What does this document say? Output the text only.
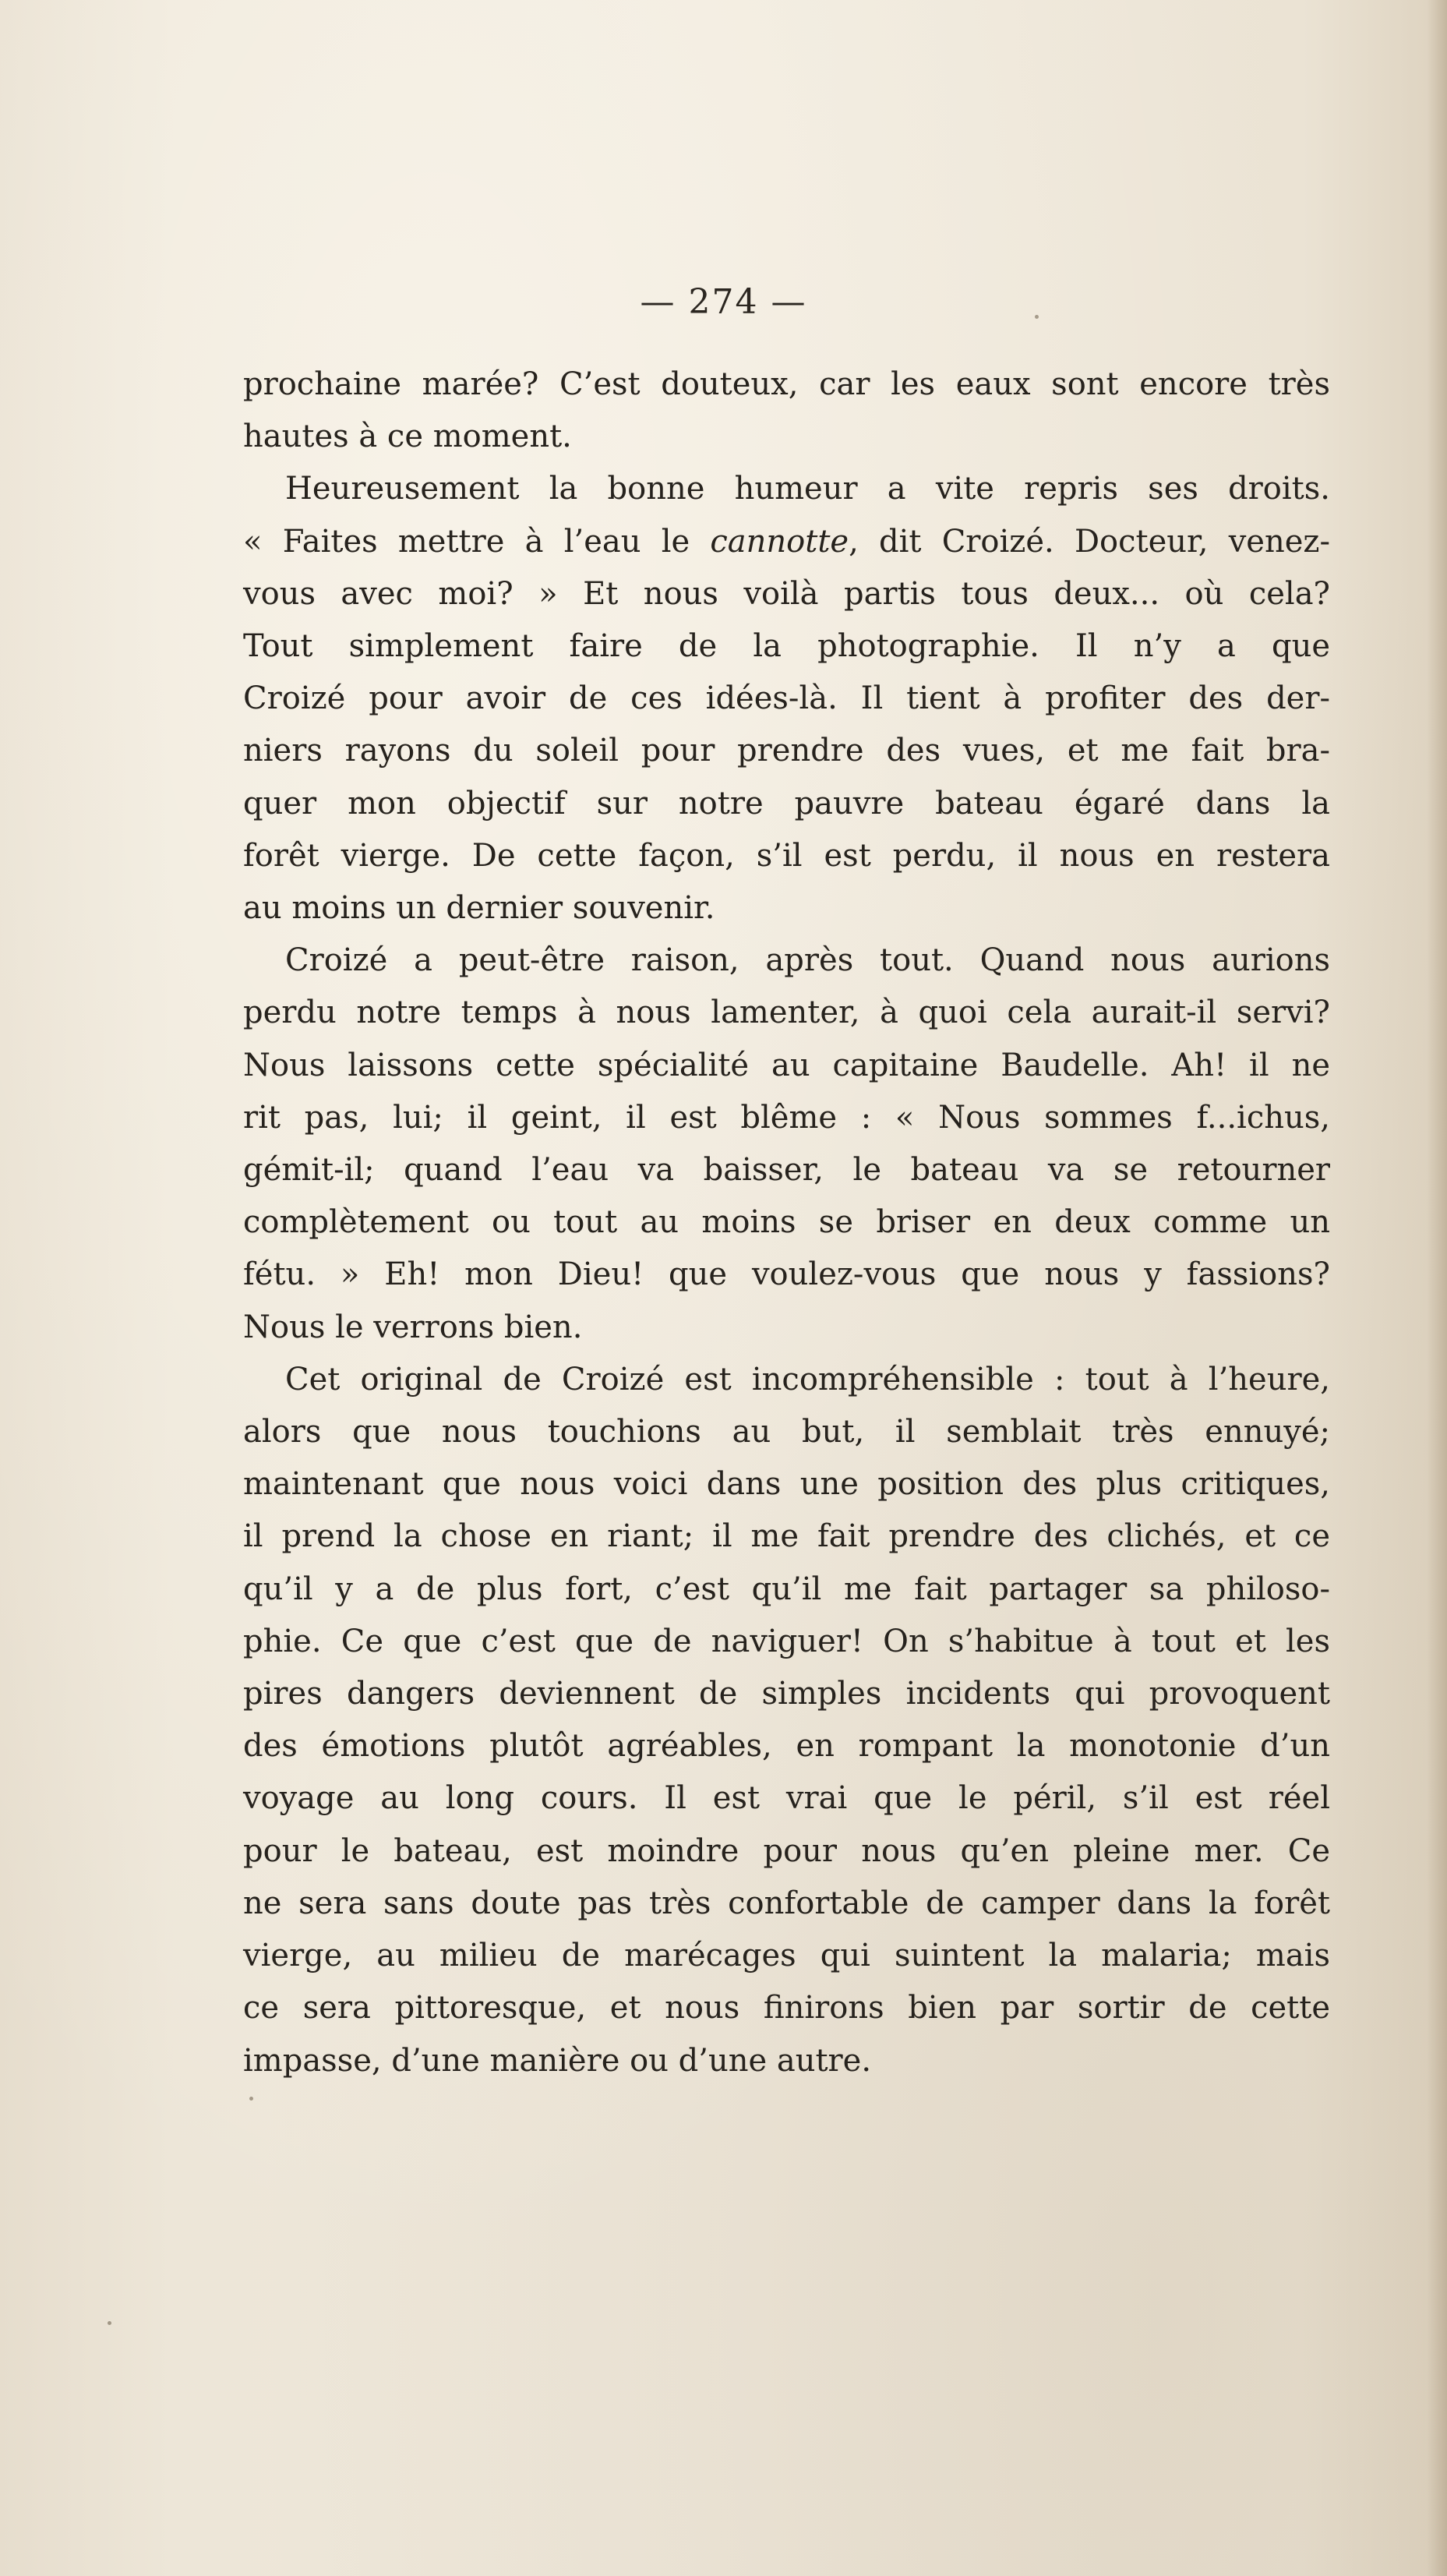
— 274 —

prochaine marée? C’est douteux, car les eaux sont encore très
hautes à ce moment.

Heureusement la bonne humeur a vite repris ses droits.
« Faites mettre à l’eau le cannotte, dit Croizé. Docteur, venez-
vous avec moi? » Et nous voilà partis tous deux... où cela?
Tout simplement faire de la photographie. Il n’y a que
Croizé pour avoir de ces idées-là. Il tient à profiter des der-
niers rayons du soleil pour prendre des vues, et me fait bra-
quer mon objectif sur notre pauvre bateau égaré dans la
forêt vierge. De cette façon, s’il est perdu, il nous en restera
au moins un dernier souvenir.

Croizé a peut-être raison, après tout. Quand nous aurions
perdu notre temps à nous lamenter, à quoi cela aurait-il servi?
Nous laissons cette spécialité au capitaine Baudelle. Ah! il ne
rit pas, lui; il geint, il est blême : « Nous sommes f...ichus,
gémit-il; quand l’eau va baisser, le bateau va se retourner
complètement ou tout au moins se briser en deux comme un
fétu. » Eh! mon Dieu! que voulez-vous que nous y fassions?
Nous le verrons bien.

Cet original de Croizé est incompréhensible : tout à l’heure,
alors que nous touchions au but, il semblait très ennuyé;
maintenant que nous voici dans une position des plus critiques,
il prend la chose en riant; il me fait prendre des clichés, et ce
qu’il y a de plus fort, c’est qu’il me fait partager sa philoso-
phie. Ce que c’est que de naviguer! On s’habitue à tout et les
pires dangers deviennent de simples incidents qui provoquent
des émotions plutôt agréables, en rompant la monotonie d’un
voyage au long cours. Il est vrai que le péril, s’il est réel
pour le bateau, est moindre pour nous qu’en pleine mer. Ce
ne sera sans doute pas très confortable de camper dans la forêt
vierge, au milieu de marécages qui suintent la malaria; mais
ce sera pittoresque, et nous finirons bien par sortir de cette
impasse, d’une manière ou d’une autre.
